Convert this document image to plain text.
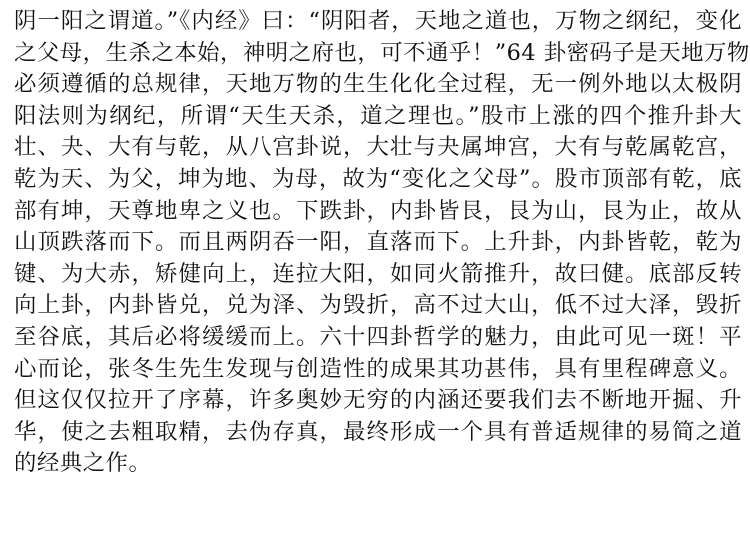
阴一阳之谓道。”《内经》曰：“阴阳者，天地之道也，万物之纲纪，变化
之父母，生杀之本始，神明之府也，可不通乎！”64 卦密码子是天地万物
必须遵循的总规律，天地万物的生生化化全过程，无一例外地以太极阴
阳法则为纲纪，所谓“天生天杀，道之理也。”股市上涨的四个推升卦大
壮、夬、大有与乾，从八宫卦说，大壮与夬属坤宫，大有与乾属乾宫，
乾为天、为父，坤为地、为母，故为“变化之父母”。股市顶部有乾，底
部有坤，天尊地卑之义也。下跌卦，内卦皆艮，艮为山，艮为止，故从
山顶跌落而下。而且两阴吞一阳，直落而下。上升卦，内卦皆乾，乾为
键、为大赤，矫健向上，连拉大阳，如同火箭推升，故曰健。底部反转
向上卦，内卦皆兑，兑为泽、为毁折，高不过大山，低不过大泽，毁折
至谷底，其后必将缓缓而上。六十四卦哲学的魅力，由此可见一斑！平
心而论，张冬生先生发现与创造性的成果其功甚伟，具有里程碑意义。
但这仅仅拉开了序幕，许多奥妙无穷的内涵还要我们去不断地开掘、升
华，使之去粗取精，去伪存真，最终形成一个具有普适规律的易简之道
的经典之作。
